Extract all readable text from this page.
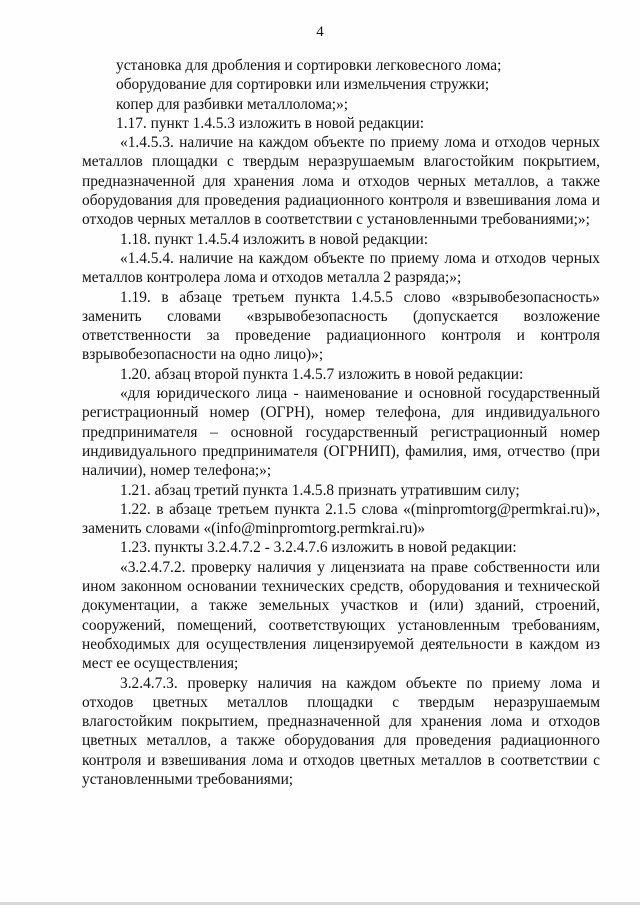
4

установка для дробления и сортировки легковесного лома;

оборудование для сортировки или измельчения стружки;

копер для разбивки металлолома;»;

1.17. пункт 1.4.5.3 изложить в новой редакции:

«1.4.5.3. наличие на каждом объекте по приему лома и отходов черных металлов площадки с твердым неразрушаемым влагостойким покрытием, предназначенной для хранения лома и отходов черных металлов, а также оборудования для проведения радиационного контроля и взвешивания лома и отходов черных металлов в соответствии с установленными требованиями;»;

1.18. пункт 1.4.5.4 изложить в новой редакции:

«1.4.5.4. наличие на каждом объекте по приему лома и отходов черных металлов контролера лома и отходов металла 2 разряда;»;

1.19. в абзаце третьем пункта 1.4.5.5 слово «взрывобезопасность» заменить словами «взрывобезопасность (допускается возложение ответственности за проведение радиационного контроля и контроля взрывобезопасности на одно лицо)»;

1.20. абзац второй пункта 1.4.5.7 изложить в новой редакции:

«для юридического лица - наименование и основной государственный регистрационный номер (ОГРН), номер телефона, для индивидуального предпринимателя – основной государственный регистрационный номер индивидуального предпринимателя (ОГРНИП), фамилия, имя, отчество (при наличии), номер телефона;»;

1.21. абзац третий пункта 1.4.5.8 признать утратившим силу;

1.22. в абзаце третьем пункта 2.1.5 слова «(minpromtorg@permkrai.ru)», заменить словами «(info@minpromtorg.permkrai.ru)»

1.23. пункты 3.2.4.7.2 - 3.2.4.7.6 изложить в новой редакции:

«3.2.4.7.2. проверку наличия у лицензиата на праве собственности или ином законном основании технических средств, оборудования и технической документации, а также земельных участков и (или) зданий, строений, сооружений, помещений, соответствующих установленным требованиям, необходимых для осуществления лицензируемой деятельности в каждом из мест ее осуществления;

3.2.4.7.3. проверку наличия на каждом объекте по приему лома и отходов цветных металлов площадки с твердым неразрушаемым влагостойким покрытием, предназначенной для хранения лома и отходов цветных металлов, а также оборудования для проведения радиационного контроля и взвешивания лома и отходов цветных металлов в соответствии с установленными требованиями;
